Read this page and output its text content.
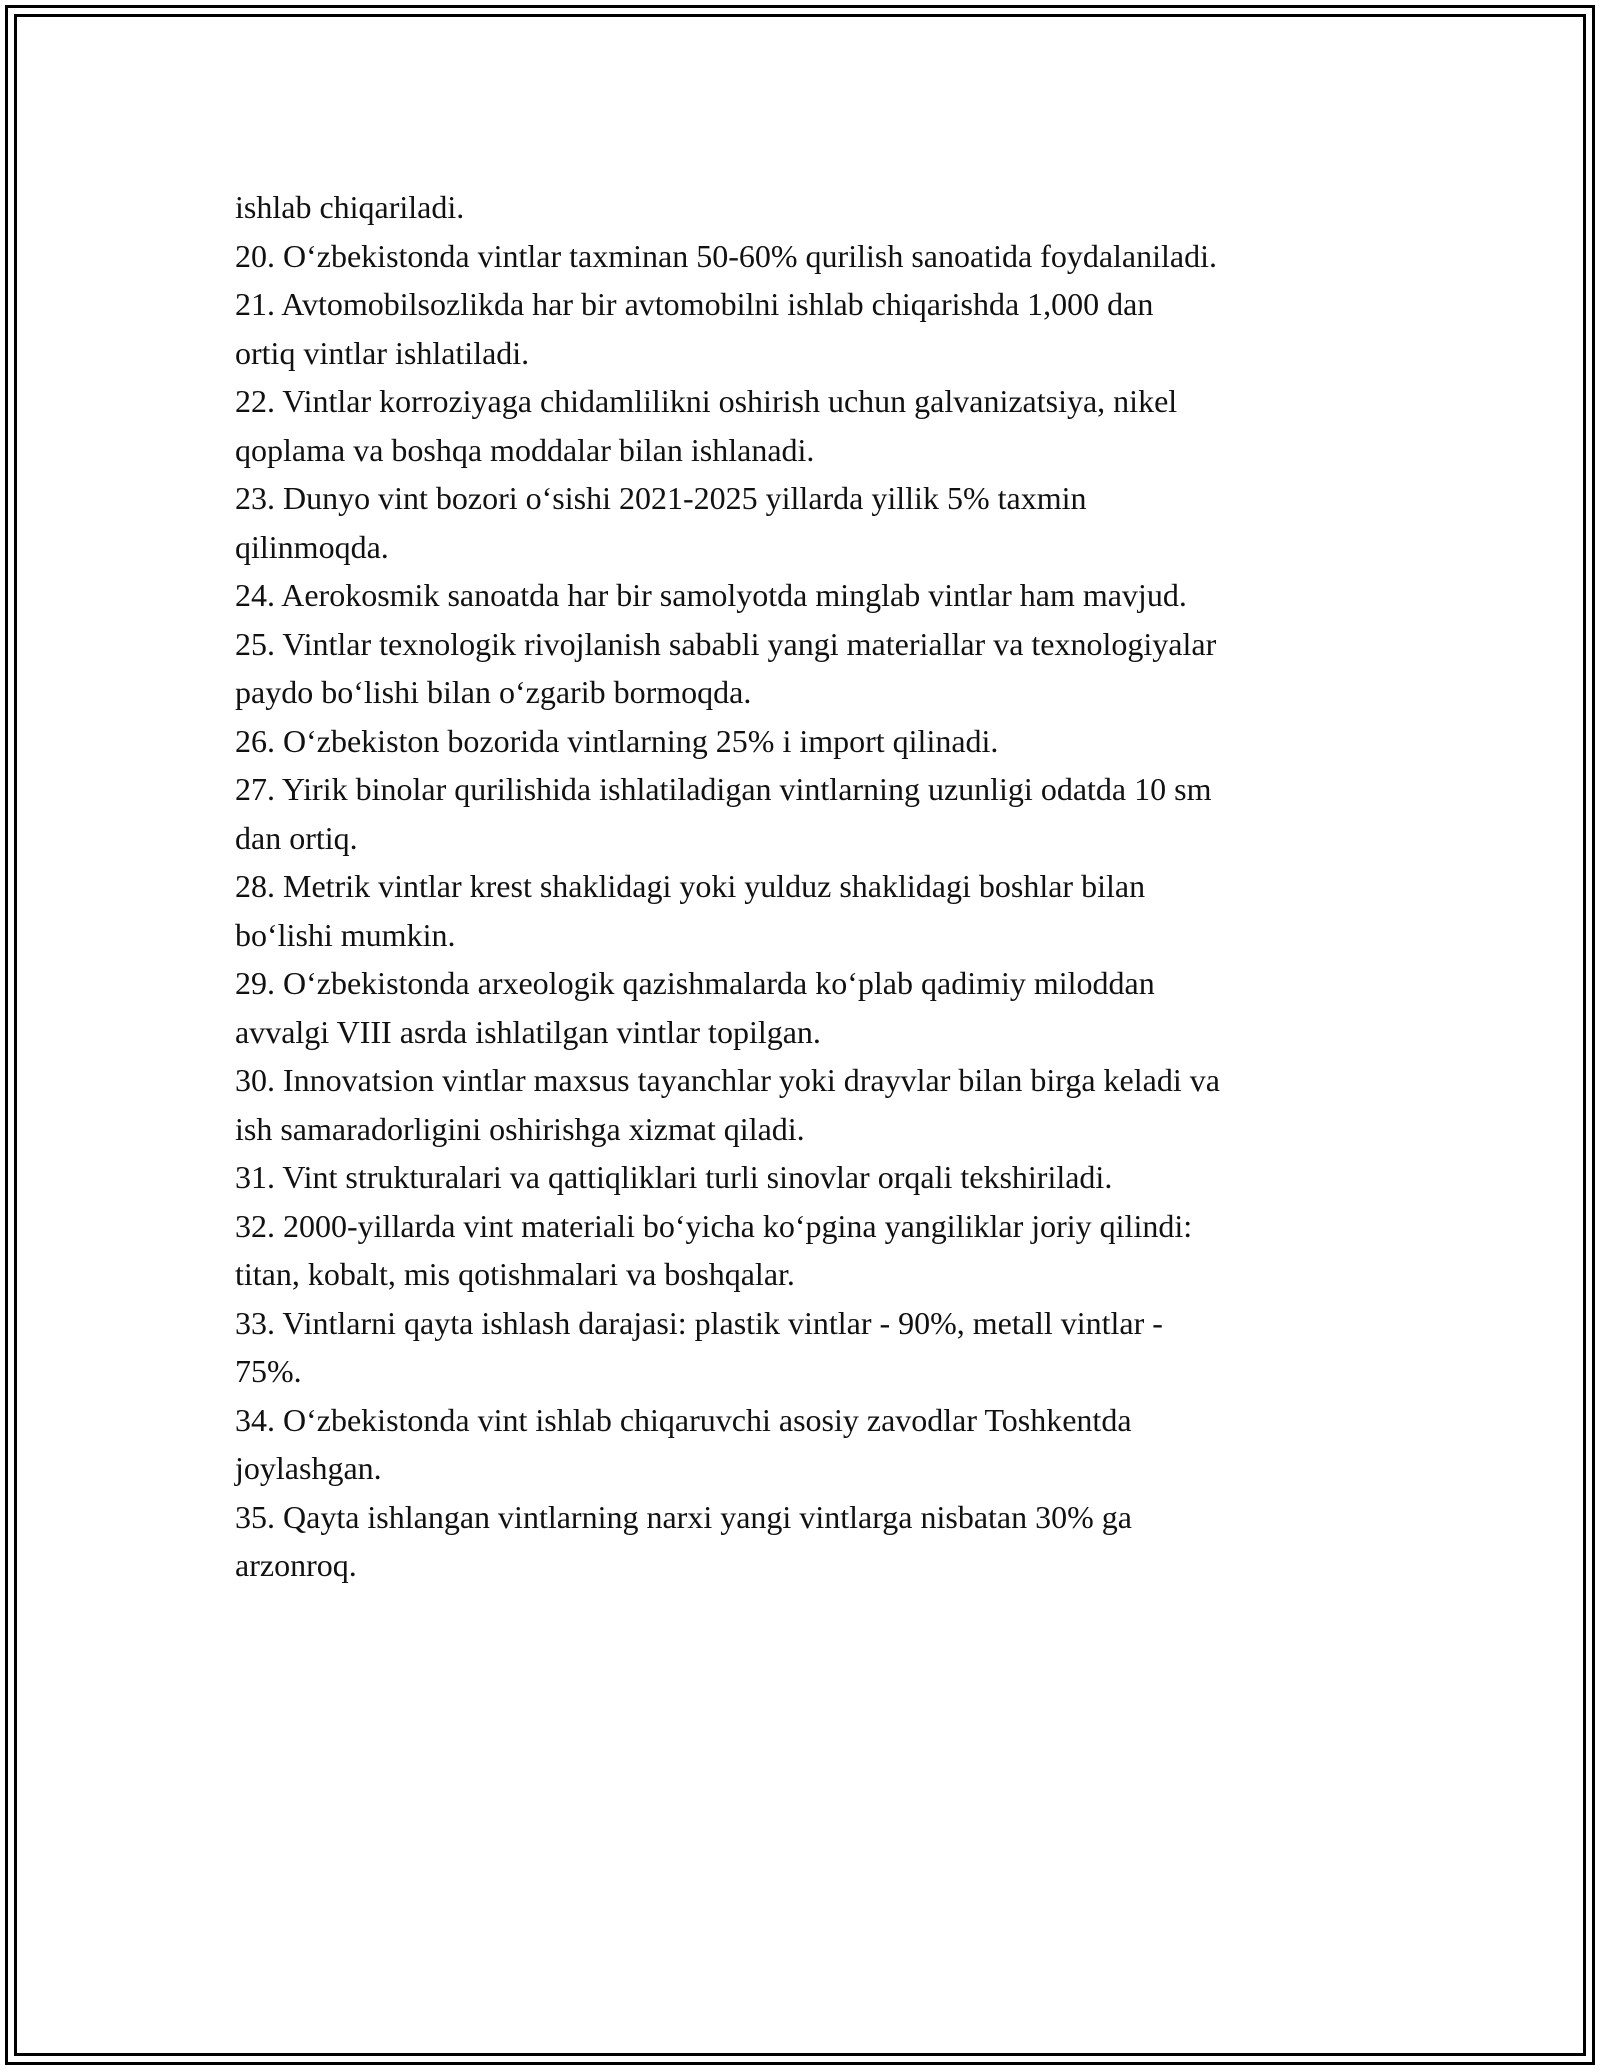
ishlab chiqariladi.

20. O‘zbekistonda vintlar taxminan 50-60% qurilish sanoatida foydalaniladi.

21. Avtomobilsozlikda har bir avtomobilni ishlab chiqarishda 1,000 dan

ortiq vintlar ishlatiladi.

22. Vintlar korroziyaga chidamlilikni oshirish uchun galvanizatsiya, nikel

qoplama va boshqa moddalar bilan ishlanadi.

23. Dunyo vint bozori o‘sishi 2021-2025 yillarda yillik 5% taxmin

qilinmoqda.

24. Aerokosmik sanoatda har bir samolyotda minglab vintlar ham mavjud.

25. Vintlar texnologik rivojlanish sababli yangi materiallar va texnologiyalar

paydo bo‘lishi bilan o‘zgarib bormoqda.

26. O‘zbekiston bozorida vintlarning 25% i import qilinadi.

27. Yirik binolar qurilishida ishlatiladigan vintlarning uzunligi odatda 10 sm

dan ortiq.

28. Metrik vintlar krest shaklidagi yoki yulduz shaklidagi boshlar bilan

bo‘lishi mumkin.

29. O‘zbekistonda arxeologik qazishmalarda ko‘plab qadimiy miloddan

avvalgi VIII asrda ishlatilgan vintlar topilgan.

30. Innovatsion vintlar maxsus tayanchlar yoki drayvlar bilan birga keladi va

ish samaradorligini oshirishga xizmat qiladi.

31. Vint strukturalari va qattiqliklari turli sinovlar orqali tekshiriladi.

32. 2000-yillarda vint materiali bo‘yicha ko‘pgina yangiliklar joriy qilindi:

titan, kobalt, mis qotishmalari va boshqalar.

33. Vintlarni qayta ishlash darajasi: plastik vintlar - 90%, metall vintlar -

75%.

34. O‘zbekistonda vint ishlab chiqaruvchi asosiy zavodlar Toshkentda

joylashgan.

35. Qayta ishlangan vintlarning narxi yangi vintlarga nisbatan 30% ga

arzonroq.
